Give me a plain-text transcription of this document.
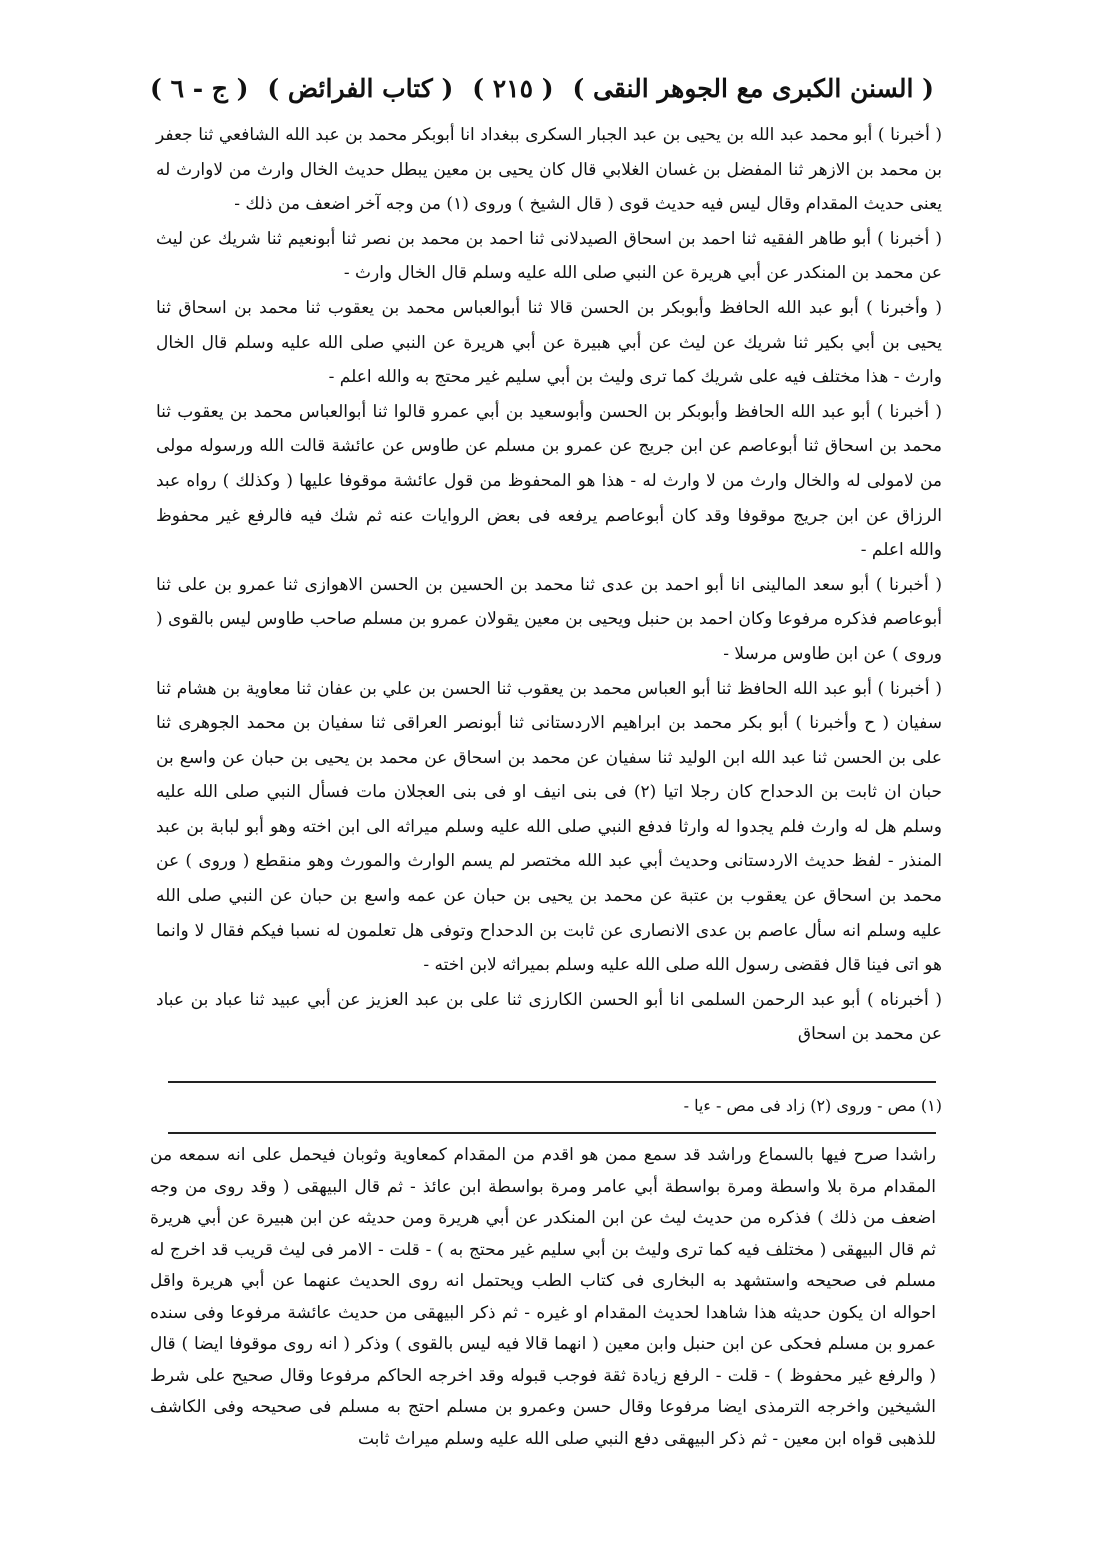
( السنن الكبرى مع الجوهر النقى )
( ٢١٥ )
( كتاب الفرائض )
( ج - ٦ )

( أخبرنا ) أبو محمد عبد الله بن يحيى بن عبد الجبار السكرى ببغداد انا أبوبكر محمد بن عبد الله الشافعي ثنا جعفر بن محمد بن الازهر ثنا المفضل بن غسان الغلابي قال كان يحيى بن معين يبطل حديث الخال وارث من لاوارث له يعنى حديث المقدام وقال ليس فيه حديث قوى ( قال الشيخ ) وروى (١) من وجه آخر اضعف من ذلك -

( أخبرنا ) أبو طاهر الفقيه ثنا احمد بن اسحاق الصيدلانى ثنا احمد بن محمد بن نصر ثنا أبونعيم ثنا شريك عن ليث عن محمد بن المنكدر عن أبي هريرة عن النبي صلى الله عليه وسلم قال الخال وارث -

( وأخبرنا ) أبو عبد الله الحافظ وأبوبكر بن الحسن قالا ثنا أبوالعباس محمد بن يعقوب ثنا محمد بن اسحاق ثنا يحيى بن أبي بكير ثنا شريك عن ليث عن أبي هبيرة عن أبي هريرة عن النبي صلى الله عليه وسلم قال الخال وارث - هذا مختلف فيه على شريك كما ترى وليث بن أبي سليم غير محتج به والله اعلم -

( أخبرنا ) أبو عبد الله الحافظ وأبوبكر بن الحسن وأبوسعيد بن أبي عمرو قالوا ثنا أبوالعباس محمد بن يعقوب ثنا محمد بن اسحاق ثنا أبوعاصم عن ابن جريج عن عمرو بن مسلم عن طاوس عن عائشة قالت الله ورسوله مولى من لامولى له والخال وارث من لا وارث له - هذا هو المحفوظ من قول عائشة موقوفا عليها ( وكذلك ) رواه عبد الرزاق عن ابن جريج موقوفا وقد كان أبوعاصم يرفعه فى بعض الروايات عنه ثم شك فيه فالرفع غير محفوظ والله اعلم -

( أخبرنا ) أبو سعد المالينى انا أبو احمد بن عدى ثنا محمد بن الحسين بن الحسن الاهوازى ثنا عمرو بن على ثنا أبوعاصم فذكره مرفوعا وكان احمد بن حنبل ويحيى بن معين يقولان عمرو بن مسلم صاحب طاوس ليس بالقوى ( وروى ) عن ابن طاوس مرسلا -

( أخبرنا ) أبو عبد الله الحافظ ثنا أبو العباس محمد بن يعقوب ثنا الحسن بن علي بن عفان ثنا معاوية بن هشام ثنا سفيان ( ح وأخبرنا ) أبو بكر محمد بن ابراهيم الاردستانى ثنا أبونصر العراقى ثنا سفيان بن محمد الجوهرى ثنا على بن الحسن ثنا عبد الله ابن الوليد ثنا سفيان عن محمد بن اسحاق عن محمد بن يحيى بن حبان عن واسع بن حبان ان ثابت بن الدحداح كان رجلا اتيا (٢) فى بنى انيف او فى بنى العجلان مات فسأل النبي صلى الله عليه وسلم هل له وارث فلم يجدوا له وارثا فدفع النبي صلى الله عليه وسلم ميراثه الى ابن اخته وهو أبو لبابة بن عبد المنذر - لفظ حديث الاردستانى وحديث أبي عبد الله مختصر لم يسم الوارث والمورث وهو منقطع ( وروى ) عن محمد بن اسحاق عن يعقوب بن عتبة عن محمد بن يحيى بن حبان عن عمه واسع بن حبان عن النبي صلى الله عليه وسلم انه سأل عاصم بن عدى الانصارى عن ثابت بن الدحداح وتوفى هل تعلمون له نسبا فيكم فقال لا وانما هو اتى فينا قال فقضى رسول الله صلى الله عليه وسلم بميراثه لابن اخته -

( أخبرناه ) أبو عبد الرحمن السلمى انا أبو الحسن الكارزى ثنا على بن عبد العزيز عن أبي عبيد ثنا عباد بن عباد عن محمد بن اسحاق

(١) مص - وروى (٢) زاد فى مص - ءيا -

راشدا صرح فيها بالسماع وراشد قد سمع ممن هو اقدم من المقدام كمعاوية وثوبان فيحمل على انه سمعه من المقدام مرة بلا واسطة ومرة بواسطة أبي عامر ومرة بواسطة ابن عائذ - ثم قال البيهقى ( وقد روى من وجه اضعف من ذلك ) فذكره من حديث ليث عن ابن المنكدر عن أبي هريرة ومن حديثه عن ابن هبيرة عن أبي هريرة ثم قال البيهقى ( مختلف فيه كما ترى وليث بن أبي سليم غير محتج به ) - قلت - الامر فى ليث قريب قد اخرج له مسلم فى صحيحه واستشهد به البخارى فى كتاب الطب ويحتمل انه روى الحديث عنهما عن أبي هريرة واقل احواله ان يكون حديثه هذا شاهدا لحديث المقدام او غيره - ثم ذكر البيهقى من حديث عائشة مرفوعا وفى سنده عمرو بن مسلم فحكى عن ابن حنبل وابن معين ( انهما قالا فيه ليس بالقوى ) وذكر ( انه روى موقوفا ايضا ) قال ( والرفع غير محفوظ ) - قلت - الرفع زيادة ثقة فوجب قبوله وقد اخرجه الحاكم مرفوعا وقال صحيح على شرط الشيخين واخرجه الترمذى ايضا مرفوعا وقال حسن وعمرو بن مسلم احتج به مسلم فى صحيحه وفى الكاشف للذهبى قواه ابن معين - ثم ذكر البيهقى دفع النبي صلى الله عليه وسلم ميراث ثابت
